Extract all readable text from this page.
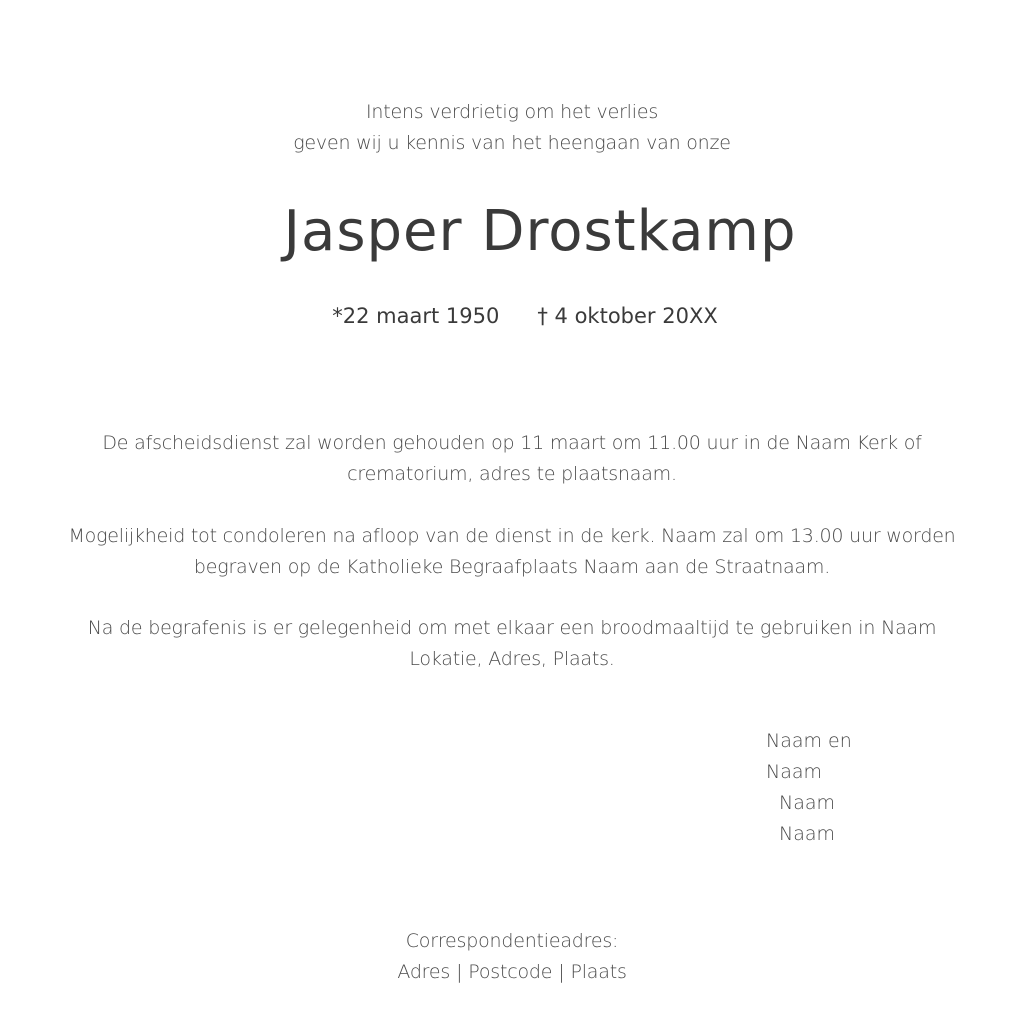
Intens verdrietig om het verlies
geven wij u kennis van het heengaan van onze
Jasper Drostkamp
*22 maart 1950 † 4 oktober 20XX
De afscheidsdienst zal worden gehouden op 11 maart om 11.00 uur in de Naam Kerk of
crematorium, adres te plaatsnaam.
Mogelijkheid tot condoleren na afloop van de dienst in de kerk. Naam zal om 13.00 uur worden
begraven op de Katholieke Begraafplaats Naam aan de Straatnaam.
Na de begrafenis is er gelegenheid om met elkaar een broodmaaltijd te gebruiken in Naam
Lokatie, Adres, Plaats.
Naam en
Naam
Naam
Naam
Correspondentieadres:
Adres | Postcode | Plaats
